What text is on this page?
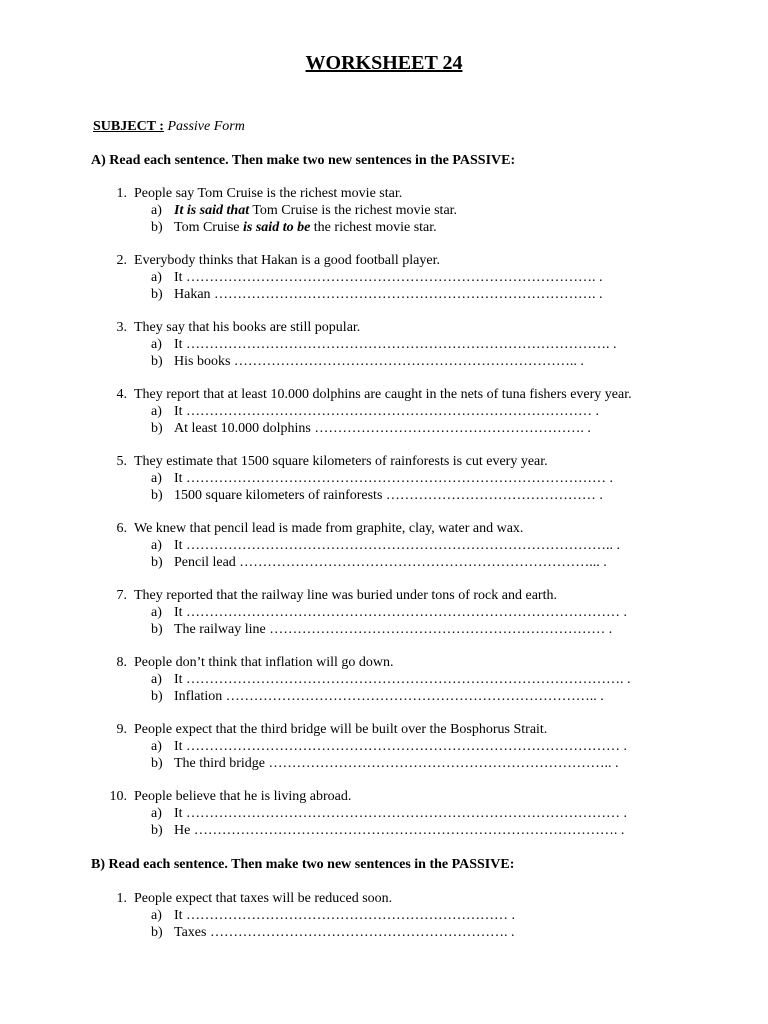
WORKSHEET 24
SUBJECT : Passive Form
A) Read each sentence. Then make two new sentences in the PASSIVE:
1. People say Tom Cruise is the richest movie star.
a) It is said that Tom Cruise is the richest movie star.
b) Tom Cruise is said to be the richest movie star.
2. Everybody thinks that Hakan is a good football player.
a) It ……………………………………………………………………………. .
b) Hakan ………………………………………………………………………. .
3. They say that his books are still popular.
a) It ………………………………………………………………………………. .
b) His books ……………………………………………………………….. .
4. They report that at least 10.000 dolphins are caught in the nets of tuna fishers every year.
a) It …………………………………………………………………………… .
b) At least 10.000 dolphins …………………………………………………. .
5. They estimate that 1500 square kilometers of rainforests is cut every year.
a) It ……………………………………………………………………………… .
b) 1500 square kilometers of rainforests ……………………………………… .
6. We knew that pencil lead is made from graphite, clay, water and wax.
a) It ……………………………………………………………………………….. .
b) Pencil lead …………………………………………………………………... .
7. They reported that the railway line was buried under tons of rock and earth.
a) It ………………………………………………………………………………… .
b) The railway line ……………………………………………………………… .
8. People don’t think that inflation will go down.
a) It …………………………………………………………………………………. .
b) Inflation …………………………………………………………………….. .
9. People expect that the third bridge will be built over the Bosphorus Strait.
a) It ………………………………………………………………………………… .
b) The third bridge ……………………………………………………………….. .
10. People believe that he is living abroad.
a) It ………………………………………………………………………………… .
b) He ………………………………………………………………………………. .
B) Read each sentence. Then make two new sentences in the PASSIVE:
1. People expect that taxes will be reduced soon.
a) It …………………………………………………………… .
b) Taxes ………………………………………………………. .
